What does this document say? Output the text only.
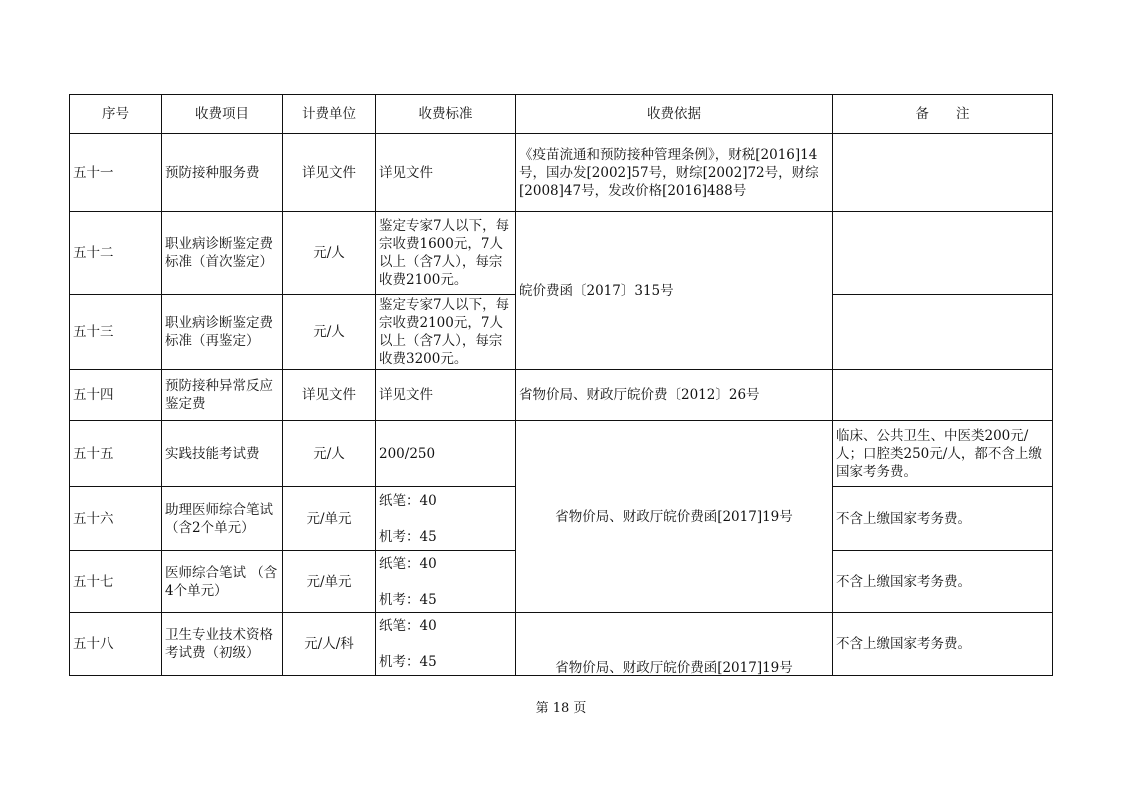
序号	收费项目	计费单位	收费标准	收费依据	备　　注
五十一	预防接种服务费	详见文件	详见文件	《疫苗流通和预防接种管理条例》，财税[2016]14号，国办发[2002]57号，财综[2002]72号，财综[2008]47号，发改价格[2016]488号	
五十二	职业病诊断鉴定费标准（首次鉴定）	元/人	鉴定专家7人以下，每宗收费1600元，7人以上（含7人），每宗收费2100元。	皖价费函〔2017〕315号	
五十三	职业病诊断鉴定费标准（再鉴定）	元/人	鉴定专家7人以下，每宗收费2100元，7人以上（含7人），每宗收费3200元。		
五十四	预防接种异常反应鉴定费	详见文件	详见文件	省物价局、财政厅皖价费〔2012〕26号	
五十五	实践技能考试费	元/人	200/250	省物价局、财政厅皖价费函[2017]19号	临床、公共卫生、中医类200元/人；口腔类250元/人，都不含上缴国家考务费。
五十六	助理医师综合笔试 （含2个单元）	元/单元	纸笔：40
机考：45		不含上缴国家考务费。
五十七	医师综合笔试 （含4个单元）	元/单元	纸笔：40
机考：45		不含上缴国家考务费。
五十八	卫生专业技术资格考试费（初级）	元/人/科	纸笔：40
机考：45	省物价局、财政厅皖价费函[2017]19号	不含上缴国家考务费。
第 18 页
